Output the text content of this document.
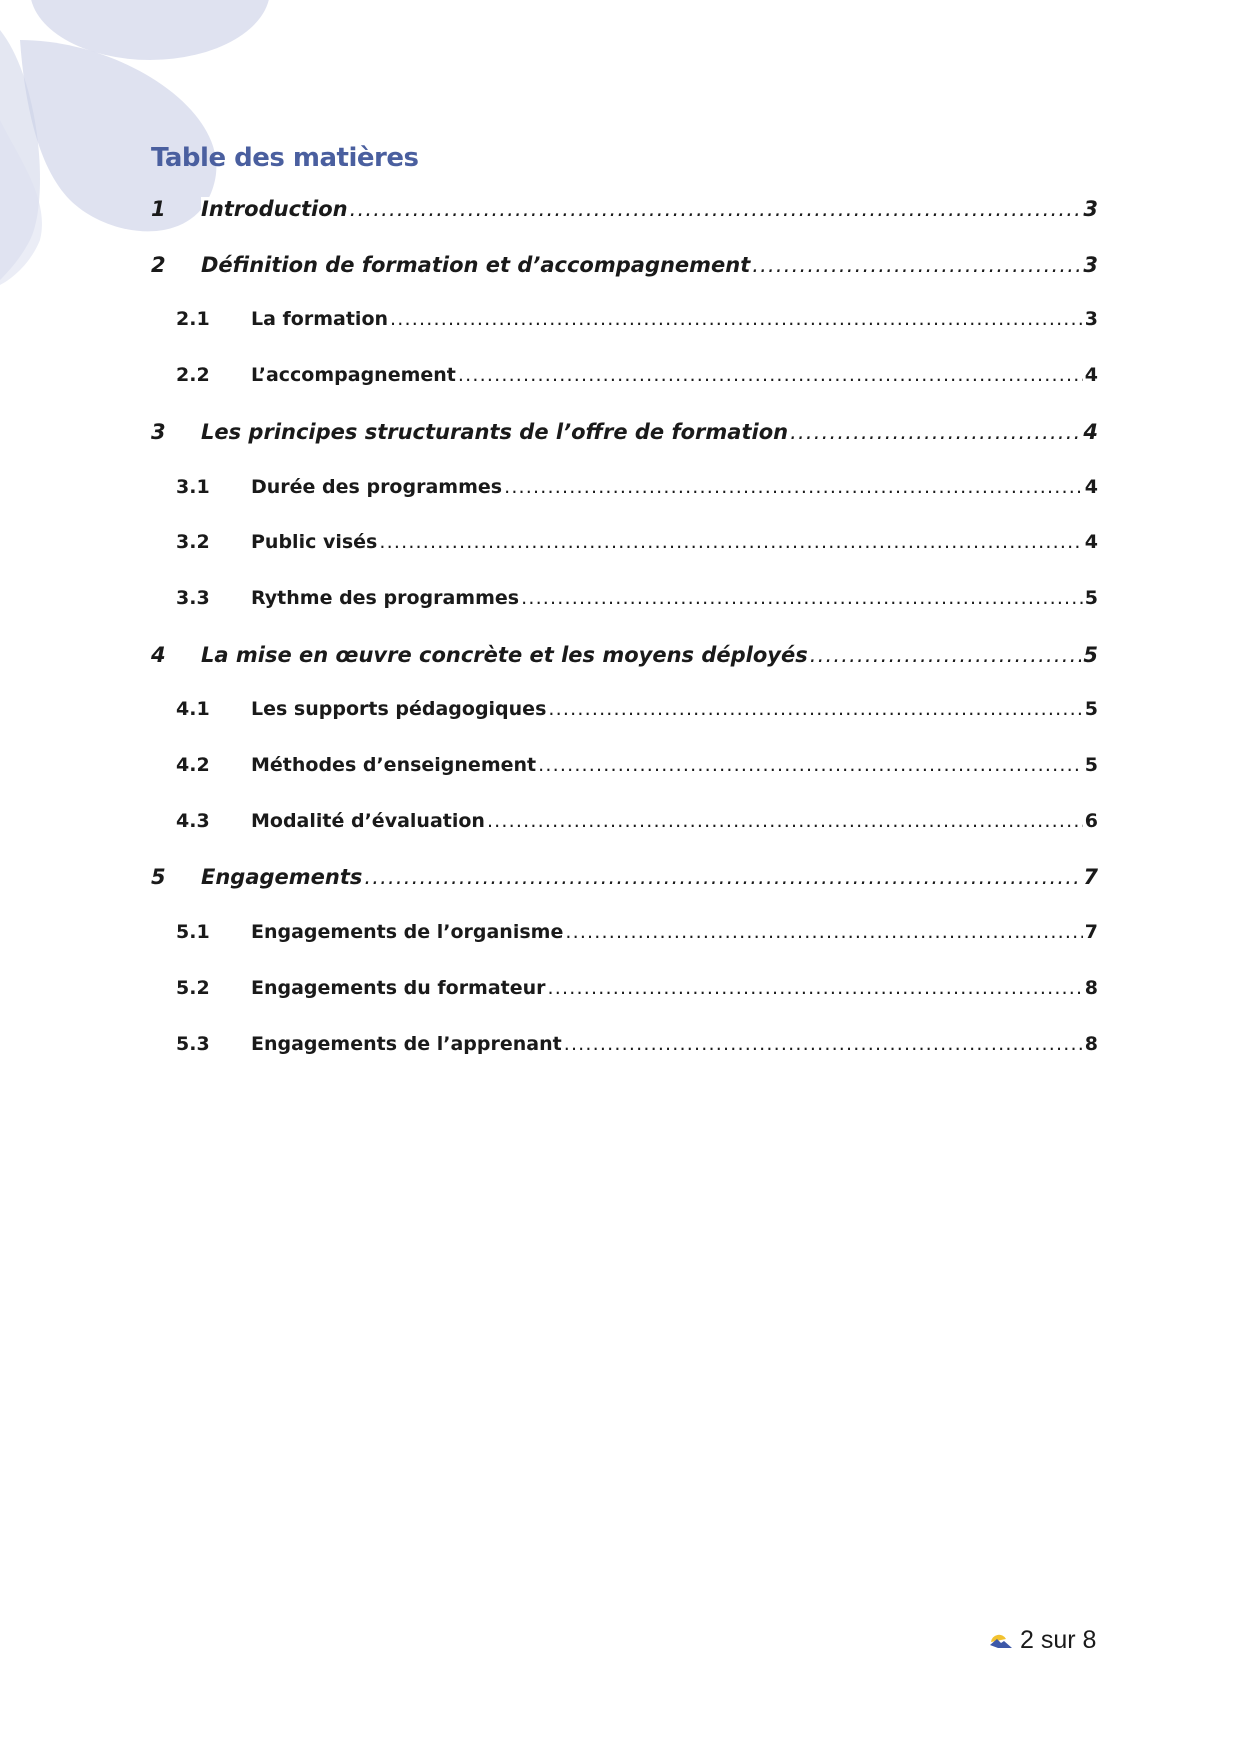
Table des matières
1 Introduction .....	3
2 Définition de formation et d’accompagnement .....	3
2.1 La formation .....	3
2.2 L’accompagnement .....	4
3 Les principes structurants de l’offre de formation .....	4
3.1 Durée des programmes .....	4
3.2 Public visés .....	4
3.3 Rythme des programmes .....	5
4 La mise en œuvre concrète et les moyens déployés .....	5
4.1 Les supports pédagogiques .....	5
4.2 Méthodes d’enseignement .....	5
4.3 Modalité d’évaluation .....	6
5 Engagements .....	7
5.1 Engagements de l’organisme .....	7
5.2 Engagements du formateur .....	8
5.3 Engagements de l’apprenant .....	8
2 sur 8
